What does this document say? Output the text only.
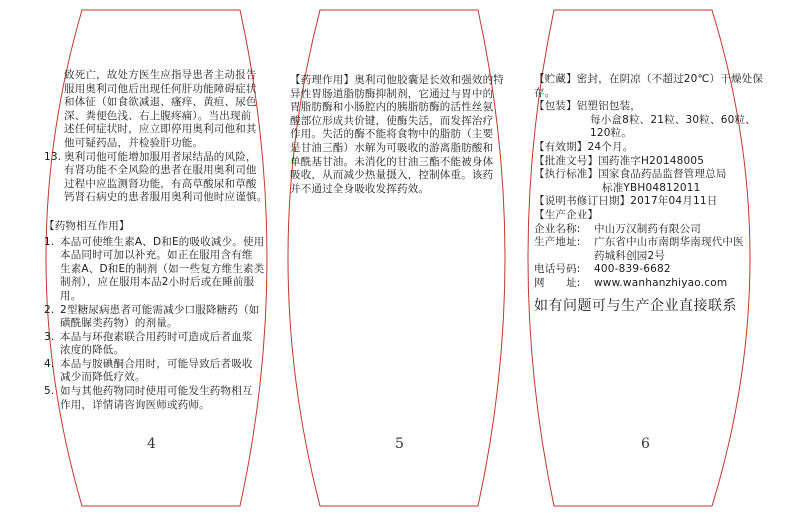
致死亡，故处方医生应指导患者主动报告
服用奥利司他后出现任何肝功能障碍症状
和体征（如食欲减退、瘙痒、黄疸、尿色
深、粪便色浅、右上腹疼痛）。当出现前
述任何症状时，应立即停用奥利司他和其
他可疑药品，并检验肝功能。
13. 奥利司他可能增加服用者尿结晶的风险，
有肾功能不全风险的患者在服用奥利司他
过程中应监测肾功能，有高草酸尿和草酸
钙肾石病史的患者服用奥利司他时应谨慎。
【药物相互作用】
1. 本品可使维生素A、D和E的吸收减少。使用
本品同时可加以补充。如正在服用含有维
生素A、D和E的制剂（如一些复方维生素类
制剂），应在服用本品2小时后或在睡前服用。
2. 2型糖尿病患者可能需减少口服降糖药（如
磺酰脲类药物）的剂量。
3. 本品与环孢素联合用药时可造成后者血浆
浓度的降低。
4. 本品与胺碘酮合用时，可能导致后者吸收
减少而降低疗效。
5. 如与其他药物同时使用可能发生药物相互
作用，详情请咨询医师或药师。
4
【药理作用】奥利司他胶囊是长效和强效的特
异性胃肠道脂肪酶抑制剂，它通过与胃中的
胃脂肪酶和小肠腔内的胰脂肪酶的活性丝氨
酸部位形成共价键，使酶失活，而发挥治疗
作用。失活的酶不能将食物中的脂肪（主要
是甘油三酯）水解为可吸收的游离脂肪酸和
单酰基甘油。未消化的甘油三酯不能被身体
吸收，从而减少热量摄入，控制体重。该药
并不通过全身吸收发挥药效。
5
【贮藏】密封，在阴凉（不超过20℃）干燥处保存。
【包装】铝塑铝包装，
每小盒8粒、21粒、30粒、60粒、120粒。
【有效期】24个月。
【批准文号】国药准字H20148005
【执行标准】国家食品药品监督管理总局
标准YBH04812011
【说明书修订日期】2017年04月11日
【生产企业】
企业名称:	中山万汉制药有限公司
生产地址:	广东省中山市南朗华南现代中医
药城科创园2号
电话号码:	400-839-6682
网　　址:	www.wanhanzhiyao.com
如有问题可与生产企业直接联系
6
